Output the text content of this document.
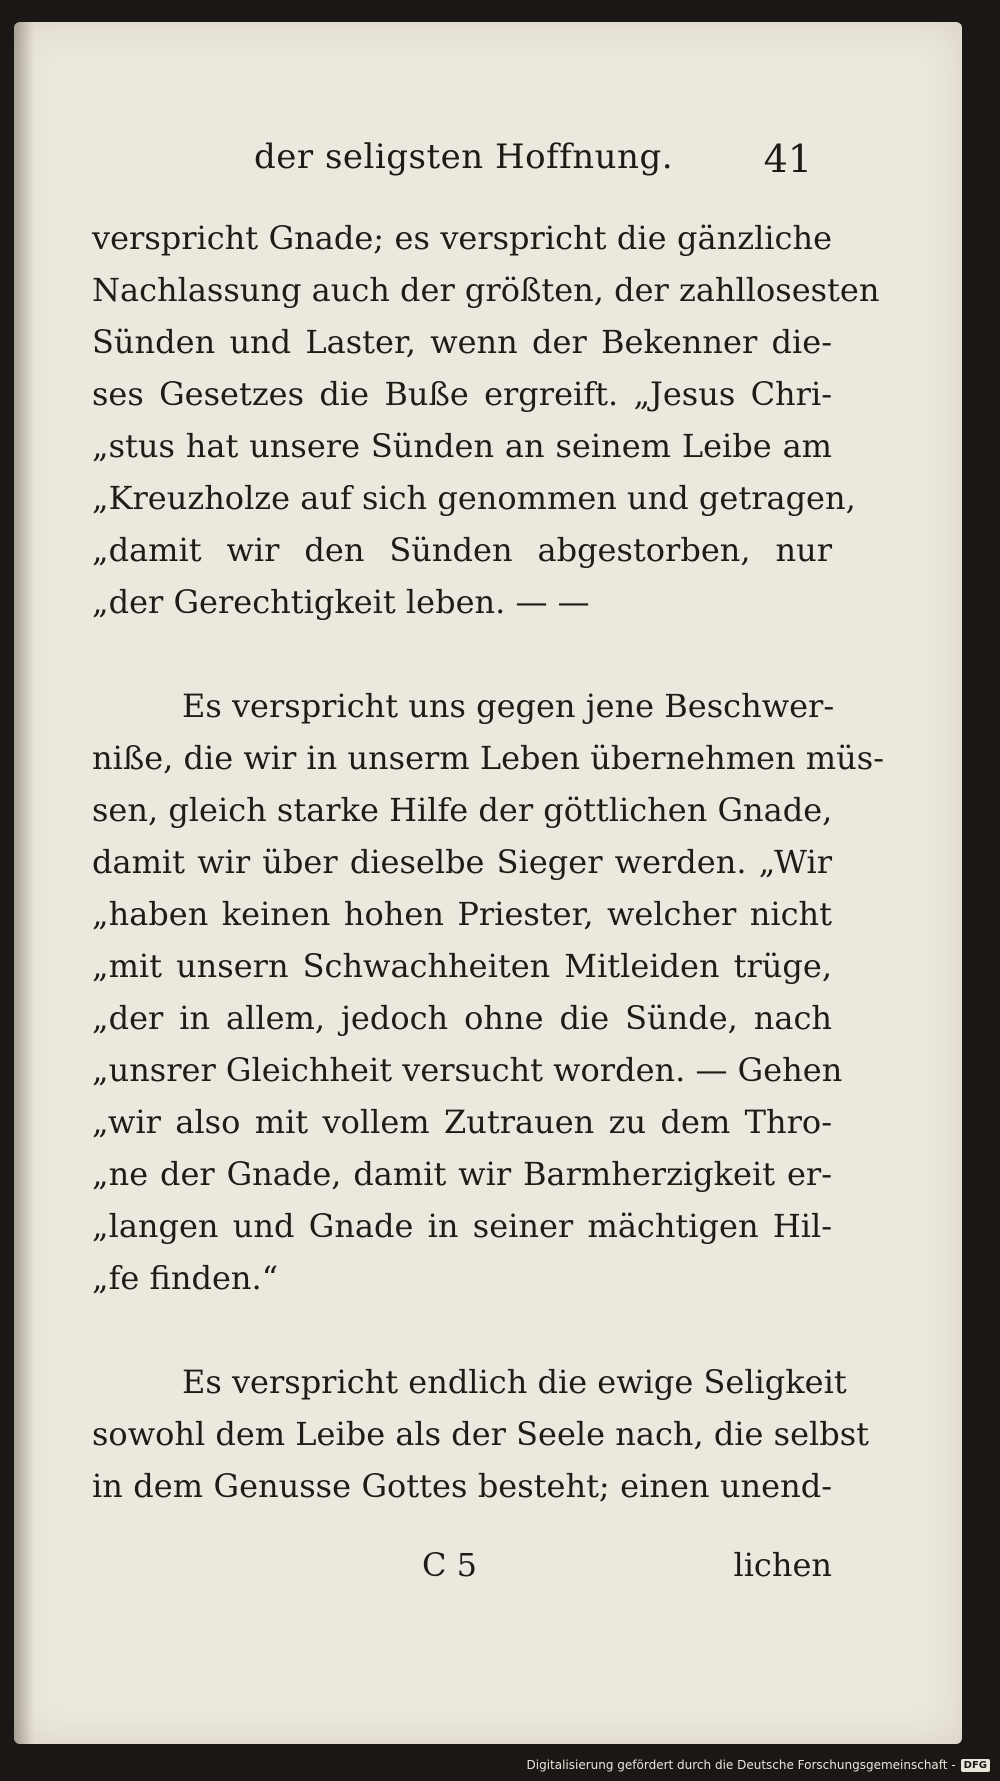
der seligsten Hoffnung. 41
verspricht Gnade; es verspricht die gänzliche
Nachlassung auch der größten, der zahllosesten
Sünden und Laster, wenn der Bekenner die-
ses Gesetzes die Buße ergreift. „Jesus Chri-
„stus hat unsere Sünden an seinem Leibe am
„Kreuzholze auf sich genommen und getragen,
„damit wir den Sünden abgestorben, nur
„der Gerechtigkeit leben. — —
Es verspricht uns gegen jene Beschwer-
niße, die wir in unserm Leben übernehmen müs-
sen, gleich starke Hilfe der göttlichen Gnade,
damit wir über dieselbe Sieger werden. „Wir
„haben keinen hohen Priester, welcher nicht
„mit unsern Schwachheiten Mitleiden trüge,
„der in allem, jedoch ohne die Sünde, nach
„unsrer Gleichheit versucht worden. — Gehen
„wir also mit vollem Zutrauen zu dem Thro-
„ne der Gnade, damit wir Barmherzigkeit er-
„langen und Gnade in seiner mächtigen Hil-
„fe finden.“
Es verspricht endlich die ewige Seligkeit
sowohl dem Leibe als der Seele nach, die selbst
in dem Genusse Gottes besteht; einen unend-
C 5	lichen
Digitalisierung gefördert durch die Deutsche Forschungsgemeinschaft - DFG
